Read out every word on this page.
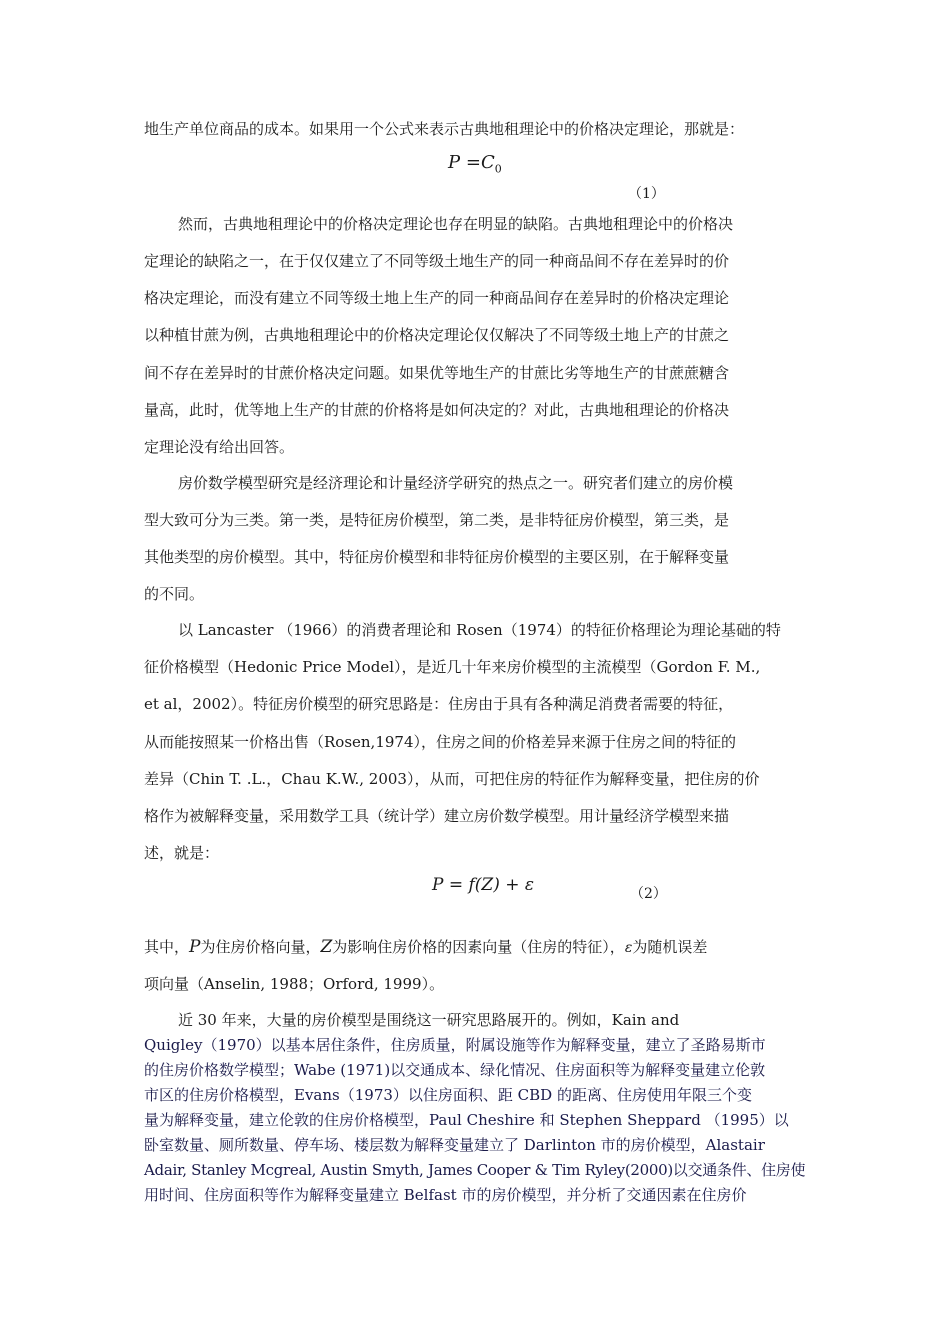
地生产单位商品的成本。如果用一个公式来表示古典地租理论中的价格决定理论，那就是：
$P =C_0$
（1）
然而，古典地租理论中的价格决定理论也存在明显的缺陷。古典地租理论中的价格决
定理论的缺陷之一，在于仅仅建立了不同等级土地生产的同一种商品间不存在差异时的价
格决定理论，而没有建立不同等级土地上生产的同一种商品间存在差异时的价格决定理论
以种植甘蔗为例，古典地租理论中的价格决定理论仅仅解决了不同等级土地上产的甘蔗之
间不存在差异时的甘蔗价格决定问题。如果优等地生产的甘蔗比劣等地生产的甘蔗蔗糖含
量高，此时，优等地上生产的甘蔗的价格将是如何决定的？对此，古典地租理论的价格决
定理论没有给出回答。
房价数学模型研究是经济理论和计量经济学研究的热点之一。研究者们建立的房价模
型大致可分为三类。第一类，是特征房价模型，第二类，是非特征房价模型，第三类，是
其他类型的房价模型。其中，特征房价模型和非特征房价模型的主要区别，在于解释变量
的不同。
以 Lancaster （1966）的消费者理论和 Rosen（1974）的特征价格理论为理论基础的特
征价格模型（Hedonic Price Model），是近几十年来房价模型的主流模型（Gordon F. M.,
et al，2002）。特征房价模型的研究思路是：住房由于具有各种满足消费者需要的特征，
从而能按照某一价格出售（Rosen,1974），住房之间的价格差异来源于住房之间的特征的
差异（Chin T. .L.，Chau K.W., 2003），从而，可把住房的特征作为解释变量，把住房的价
格作为被解释变量，采用数学工具（统计学）建立房价数学模型。用计量经济学模型来描
述，就是：
P = f(Z) + ε	（2）
其中，P为住房价格向量，Z为影响住房价格的因素向量（住房的特征），ε为随机误差
项向量（Anselin, 1988；Orford, 1999）。
近 30 年来，大量的房价模型是围绕这一研究思路展开的。例如，Kain and
Quigley（1970）以基本居住条件，住房质量，附属设施等作为解释变量，建立了圣路易斯市
的住房价格数学模型；Wabe (1971)以交通成本、绿化情况、住房面积等为解释变量建立伦敦
市区的住房价格模型，Evans（1973）以住房面积、距 CBD 的距离、住房使用年限三个变
量为解释变量，建立伦敦的住房价格模型，Paul Cheshire 和 Stephen Sheppard （1995）以
卧室数量、厕所数量、停车场、楼层数为解释变量建立了 Darlinton 市的房价模型，Alastair
Adair, Stanley Mcgreal, Austin Smyth, James Cooper & Tim Ryley(2000)以交通条件、住房使
用时间、住房面积等作为解释变量建立 Belfast 市的房价模型，并分析了交通因素在住房价
